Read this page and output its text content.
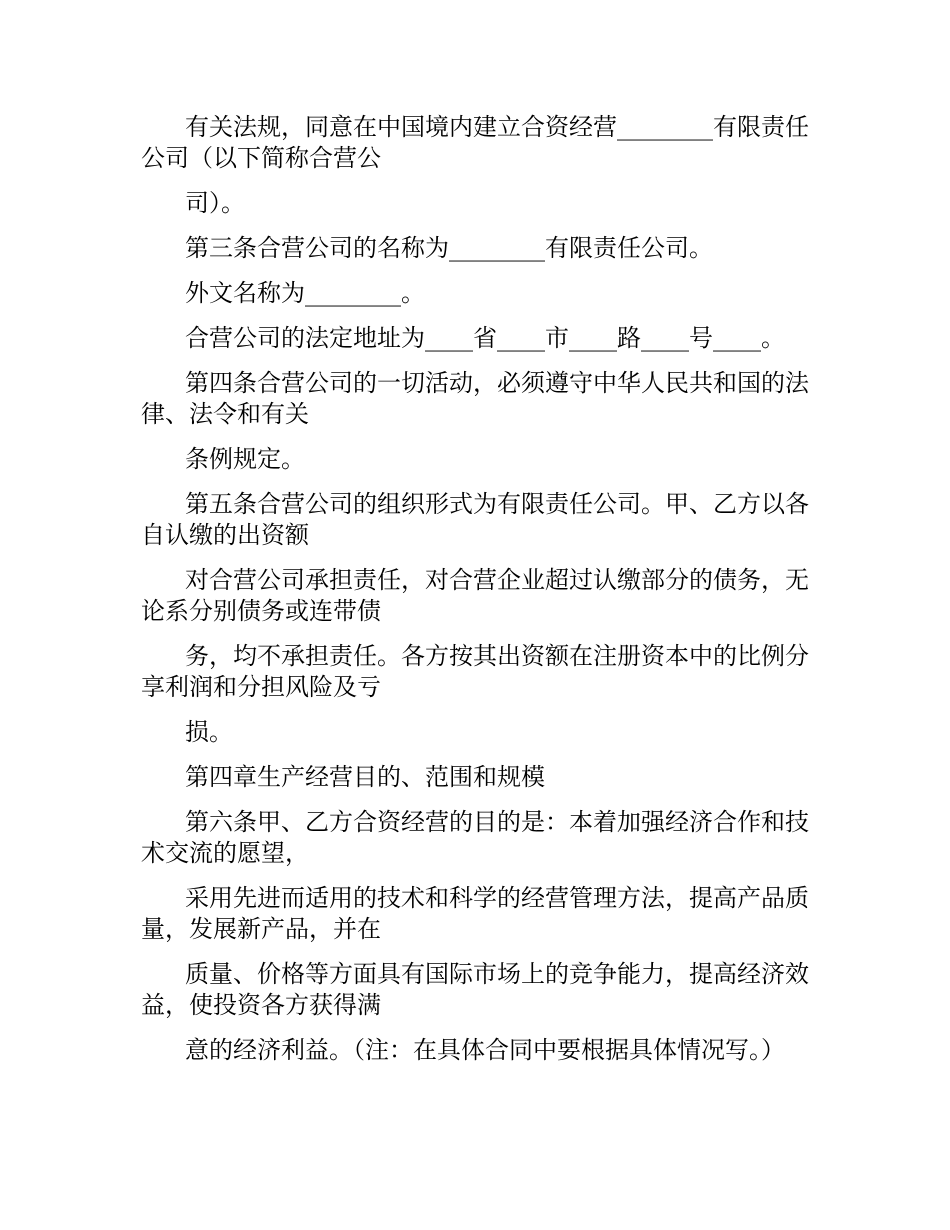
有关法规，同意在中国境内建立合资经营________有限责任公司（以下简称合营公

司）。

第三条合营公司的名称为________有限责任公司。

外文名称为________。

合营公司的法定地址为____省____市____路____号____。

第四条合营公司的一切活动，必须遵守中华人民共和国的法律、法令和有关

条例规定。

第五条合营公司的组织形式为有限责任公司。甲、乙方以各自认缴的出资额

对合营公司承担责任，对合营企业超过认缴部分的债务，无论系分别债务或连带债

务，均不承担责任。各方按其出资额在注册资本中的比例分享利润和分担风险及亏

损。

第四章生产经营目的、范围和规模

第六条甲、乙方合资经营的目的是：本着加强经济合作和技术交流的愿望，

采用先进而适用的技术和科学的经营管理方法，提高产品质量，发展新产品，并在

质量、价格等方面具有国际市场上的竞争能力，提高经济效益，使投资各方获得满

意的经济利益。（注：在具体合同中要根据具体情况写。）
